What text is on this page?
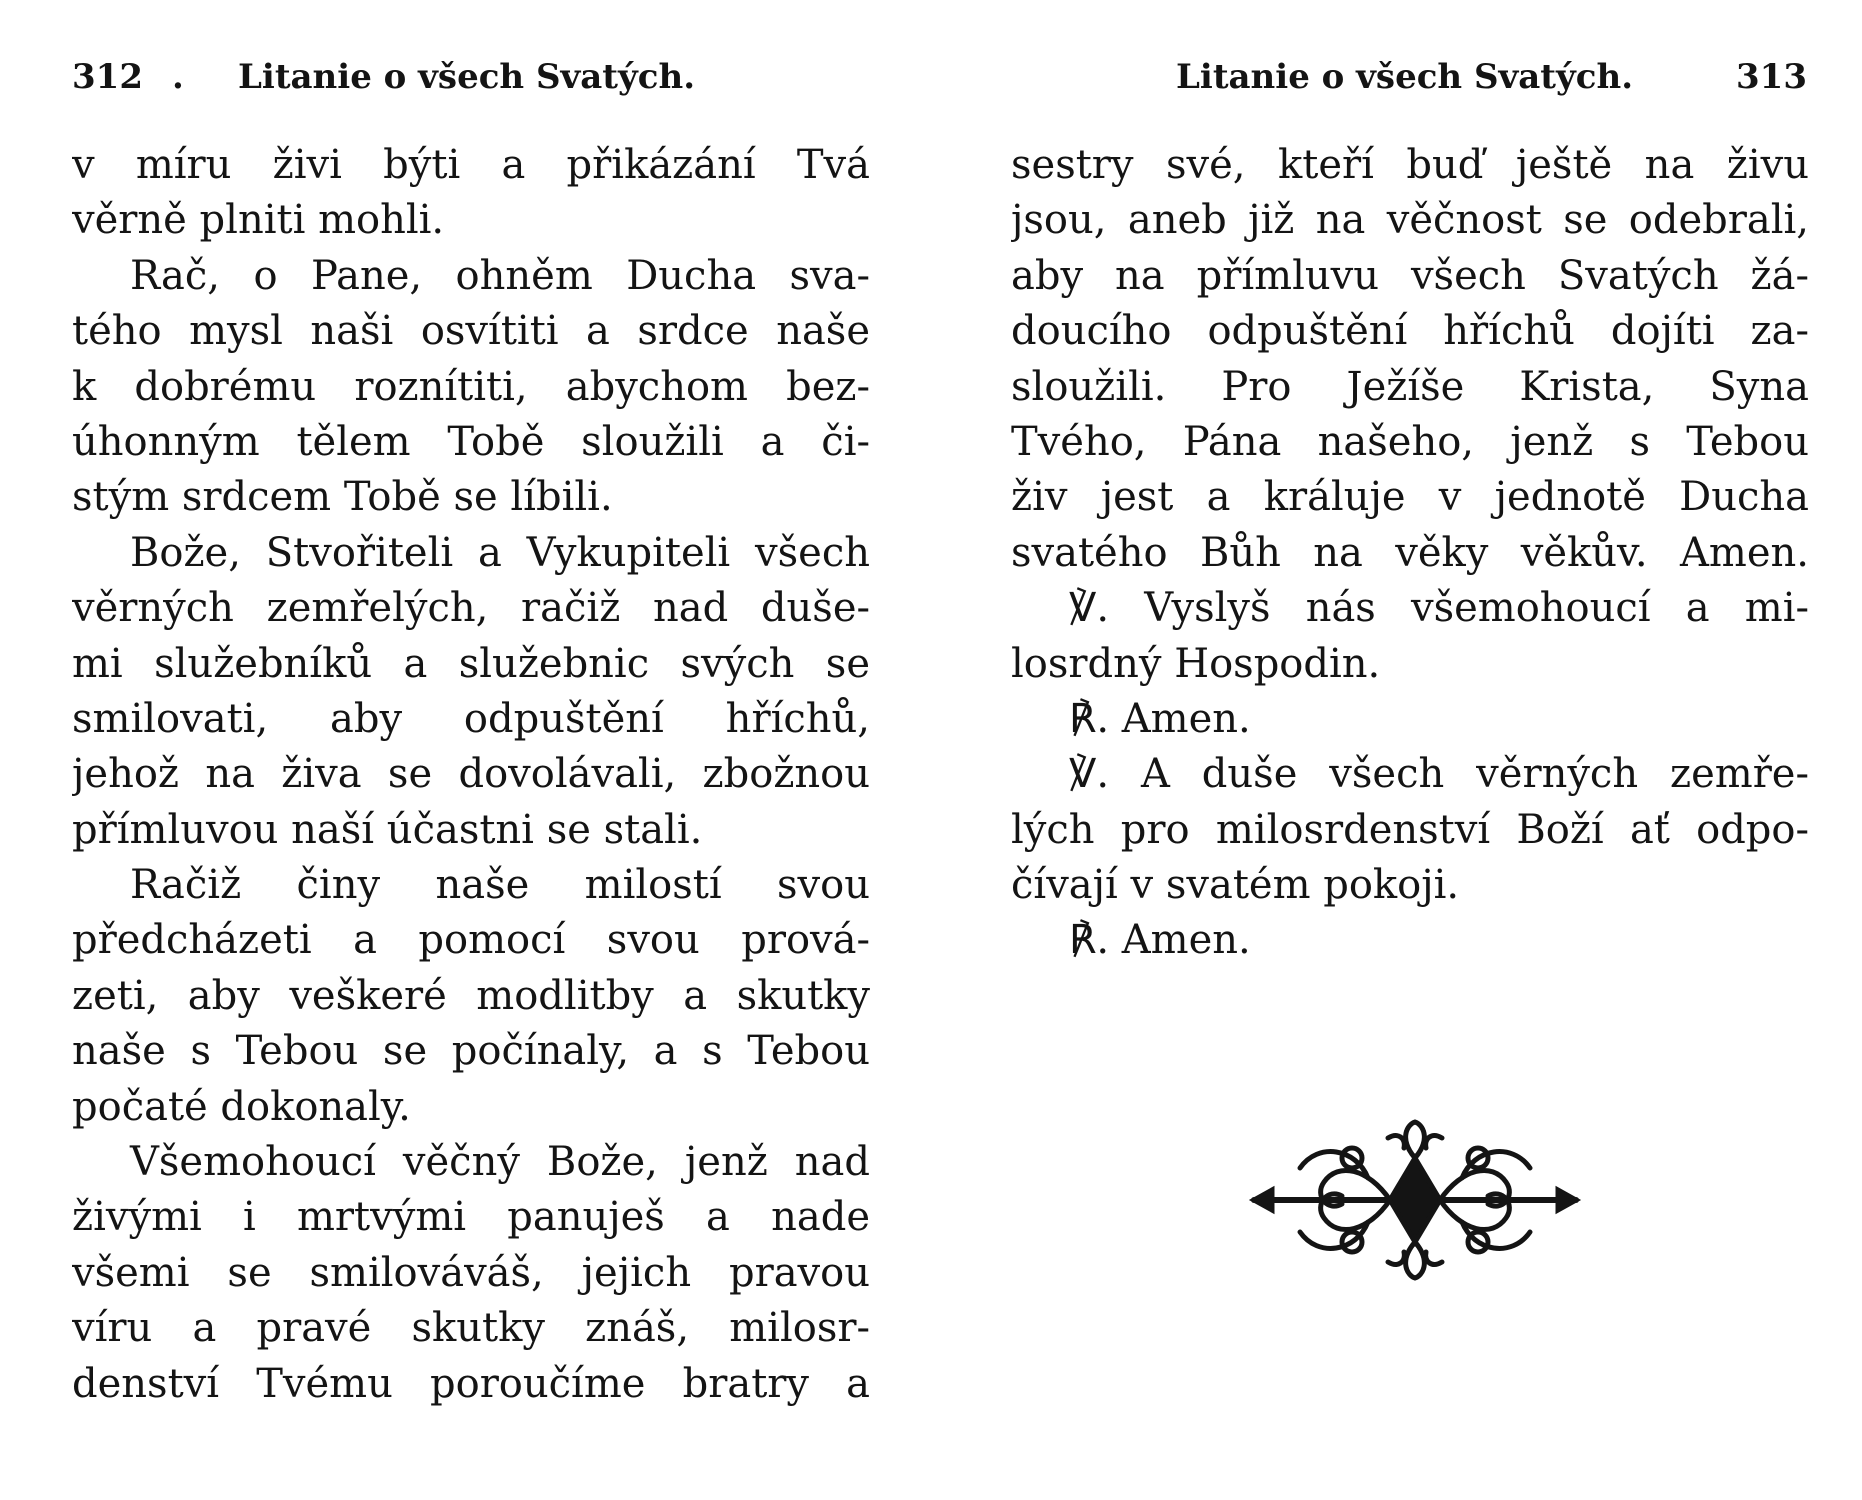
312 . Litanie o všech Svatých.
v míru živi býti a přikázání Tvá
věrně plniti mohli.
Rač, o Pane, ohněm Ducha sva-
tého mysl naši osvítiti a srdce naše
k dobrému roznítiti, abychom bez-
úhonným tělem Tobě sloužili a či-
stým srdcem Tobě se líbili.
Bože, Stvořiteli a Vykupiteli všech
věrných zemřelých, račiž nad duše-
mi služebníků a služebnic svých se
smilovati, aby odpuštění hříchů,
jehož na živa se dovolávali, zbožnou
přímluvou naší účastni se stali.
Račiž činy naše milostí svou
předcházeti a pomocí svou prová-
zeti, aby veškeré modlitby a skutky
naše s Tebou se počínaly, a s Tebou
počaté dokonaly.
Všemohoucí věčný Bože, jenž nad
živými i mrtvými panuješ a nade
všemi se smilováváš, jejich pravou
víru a pravé skutky znáš, milosr-
denství Tvému poroučíme bratry a
Litanie o všech Svatých.	313
sestry své, kteří buď ještě na živu
jsou, aneb již na věčnost se odebrali,
aby na přímluvu všech Svatých žá-
doucího odpuštění hříchů dojíti za-
sloužili. Pro Ježíše Krista, Syna
Tvého, Pána našeho, jenž s Tebou
živ jest a králuje v jednotě Ducha
svatého Bůh na věky věkův. Amen.
℣. Vyslyš nás všemohoucí a mi-
losrdný Hospodin.
℟. Amen.
℣. A duše všech věrných zemře-
lých pro milosrdenství Boží ať odpo-
čívají v svatém pokoji.
℟. Amen.
